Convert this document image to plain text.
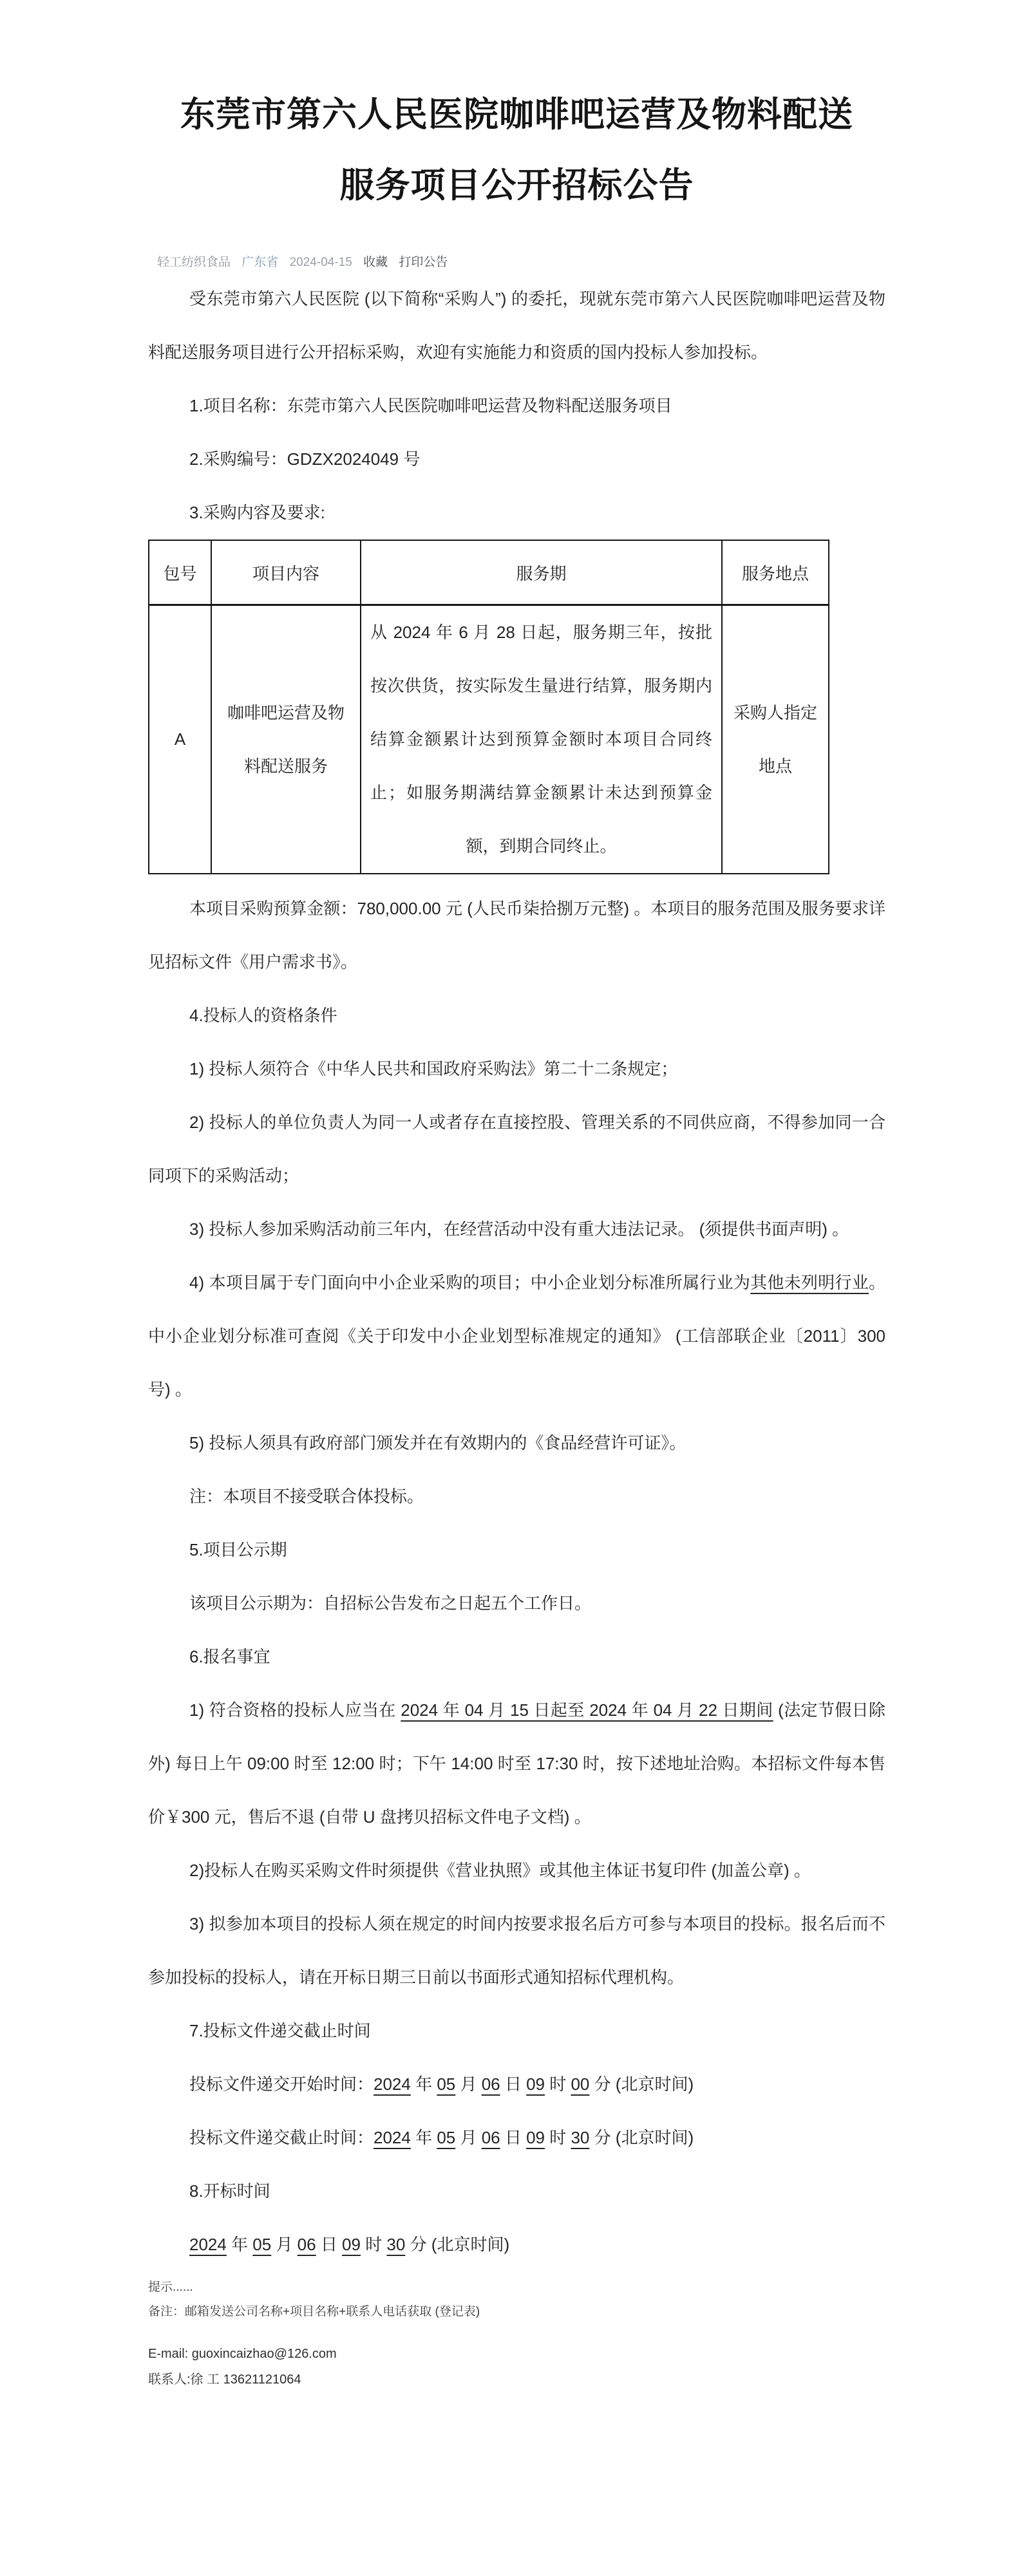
东莞市第六人民医院咖啡吧运营及物料配送
服务项目公开招标公告
轻工纺织食品 广东省 2024-04-15 收藏 打印公告

受东莞市第六人民医院 (以下简称“采购人”) 的委托，现就东莞市第六人民医院咖啡吧运营及物料配送服务项目进行公开招标采购，欢迎有实施能力和资质的国内投标人参加投标。

1.项目名称：东莞市第六人民医院咖啡吧运营及物料配送服务项目

2.采购编号：GDZX2024049 号

3.采购内容及要求:

包号	项目内容	服务期	服务地点
A	咖啡吧运营及物料配送服务	从 2024 年 6 月 28 日起，服务期三年，按批按次供货，按实际发生量进行结算，服务期内结算金额累计达到预算金额时本项目合同终止；如服务期满结算金额累计未达到预算金额，到期合同终止。	采购人指定地点

本项目采购预算金额：780,000.00 元 (人民币柒拾捌万元整) 。本项目的服务范围及服务要求详见招标文件《用户需求书》。

4.投标人的资格条件

1) 投标人须符合《中华人民共和国政府采购法》第二十二条规定；

2) 投标人的单位负责人为同一人或者存在直接控股、管理关系的不同供应商，不得参加同一合同项下的采购活动；

3) 投标人参加采购活动前三年内，在经营活动中没有重大违法记录。 (须提供书面声明) 。

4) 本项目属于专门面向中小企业采购的项目；中小企业划分标准所属行业为其他未列明行业。中小企业划分标准可查阅《关于印发中小企业划型标准规定的通知》 (工信部联企业〔2011〕300 号) 。

5) 投标人须具有政府部门颁发并在有效期内的《食品经营许可证》。

注：本项目不接受联合体投标。

5.项目公示期

该项目公示期为：自招标公告发布之日起五个工作日。

6.报名事宜

1) 符合资格的投标人应当在 2024 年 04 月 15 日起至 2024 年 04 月 22 日期间 (法定节假日除外) 每日上午 09:00 时至 12:00 时；下午 14:00 时至 17:30 时，按下述地址洽购。本招标文件每本售价￥300 元，售后不退 (自带 U 盘拷贝招标文件电子文档) 。

2)投标人在购买采购文件时须提供《营业执照》或其他主体证书复印件 (加盖公章) 。

3) 拟参加本项目的投标人须在规定的时间内按要求报名后方可参与本项目的投标。报名后而不参加投标的投标人，请在开标日期三日前以书面形式通知招标代理机构。

7.投标文件递交截止时间

投标文件递交开始时间：2024 年 05 月 06 日 09 时 00 分 (北京时间)

投标文件递交截止时间：2024 年 05 月 06 日 09 时 30 分 (北京时间)

8.开标时间

2024 年 05 月 06 日 09 时 30 分 (北京时间)

提示......
备注：邮箱发送公司名称+项目名称+联系人电话获取 (登记表)
E-mail: guoxincaizhao@126.com
联系人:徐 工 13621121064
